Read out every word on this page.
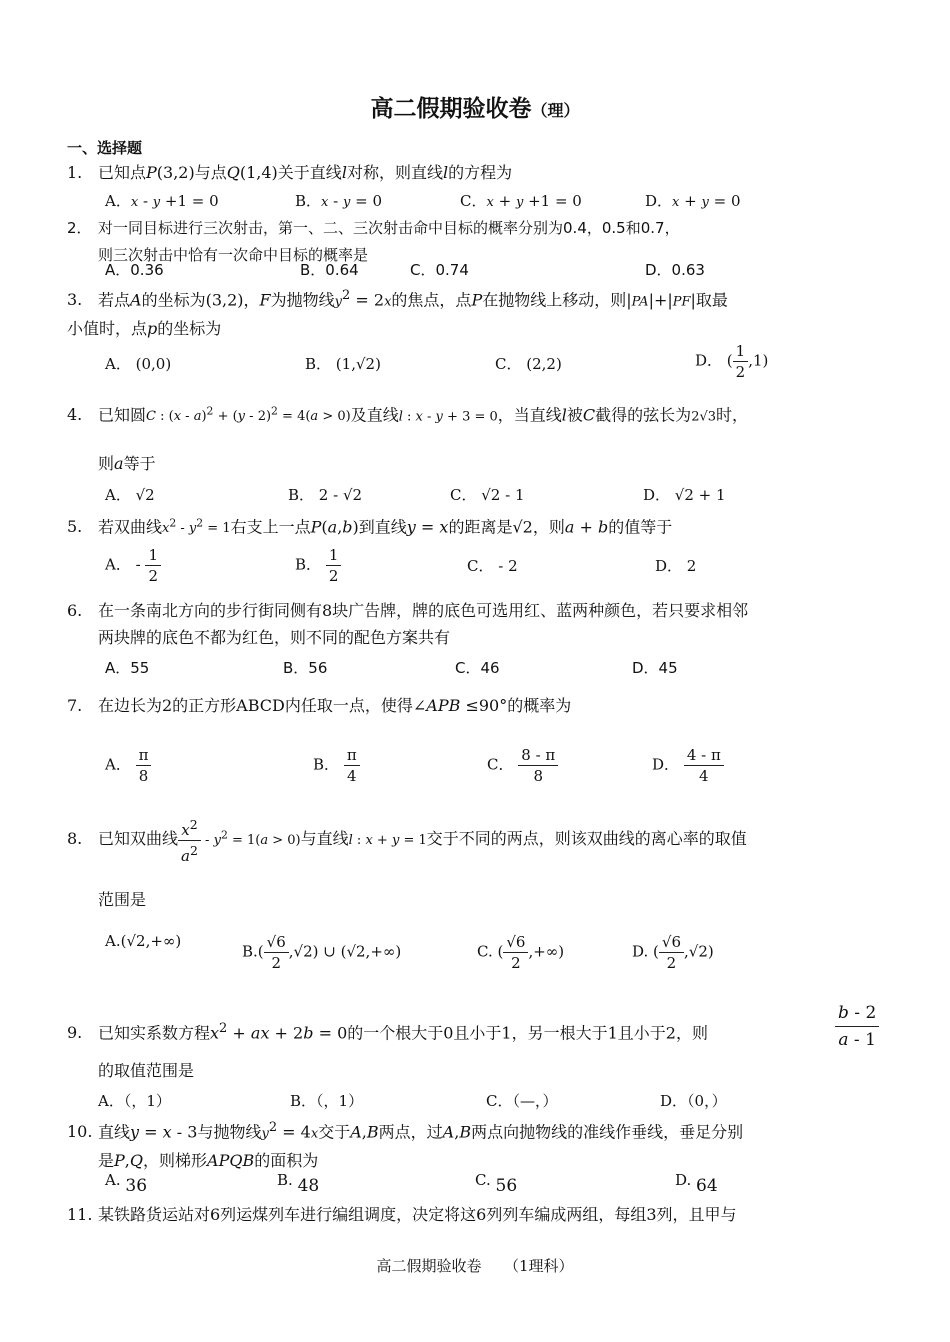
高二假期验收卷（理）
一、选择题
1. 已知点P(3,2)与点Q(1,4)关于直线l对称，则直线l的方程为
A．x - y +1 = 0	B．x - y = 0	C．x + y +1 = 0	D．x + y = 0
2． 对一同目标进行三次射击，第一、二、三次射击命中目标的概率分别为0.4，0.5和0.7，
则三次射击中恰有一次命中目标的概率是
A．0.36	B．0.64	C．0.74	D．0.63
3. 若点A的坐标为(3,2)，F为抛物线$y^2 = 2x$的焦点，点P在抛物线上移动，则|PA|+|PF|取最
小值时，点p的坐标为
A． (0,0)	B． (1,√2)	C． (2,2)	D． ( $\frac{1}{2} ,1$)
4. 已知圆C : (x - a)$^2$ + (y - 2)$^2$ = 4(a > 0)及直线l : x - y + 3 = 0，当直线l被C截得的弦长为2√3时，
则a等于
A． √2	B． 2 - √2	C． √2 - 1	D． √2 + 1
5. 若双曲线$x^2 - y^2 = 1$右支上一点P(a,b)到直线y = x的距离是√2，则a + b的值等于
A． - $\frac{1}{2}$	B． $\frac{1}{2}$	C． - 2	D． 2
6. 在一条南北方向的步行街同侧有8块广告牌，牌的底色可选用红、蓝两种颜色，若只要求相邻
两块牌的底色不都为红色，则不同的配色方案共有
A．55	B．56	C．46	D．45
7. 在边长为2的正方形ABCD内任取一点，使得∠APB ≤90°的概率为
A． $\frac{\pi}{8}$	B． $\frac{\pi}{4}$	C． $\frac{8 - \pi}{8}$	D． $\frac{4 - \pi}{4}$
8. 已知双曲线 $\frac{x^2}{a^2} - y^2 = 1(a > 0)$与直线l : x + y = 1交于不同的两点，则该双曲线的离心率的取值
范围是
A.(√2,+∞)
$B.( \frac{√6}{2} ,√2)$ ∪ (√2,+∞)	C. ( $\frac{√6}{2}$ ,+∞)	D. ( $\frac{√6}{2} ,√2$)
9. 已知实系数方程$x^2$ + ax + 2b = 0的一个根大于0且小于1，另一根大于1且小于2，则	$\frac{b - 2}{a - 1}$
的取值范围是
A．（，1）	B．（，1）	C．（—，）	D．（0，）
10. 直线y = x - 3与抛物线$y^2 = 4x$交于A,B两点，过A,B两点向抛物线的准线作垂线，垂足分别
是P,Q，则梯形APQB的面积为
A. 36	B. 48	C. 56	D. 64
11. 某铁路货运站对6列运煤列车进行编组调度，决定将这6列列车编成两组，每组3列，且甲与
高二假期验收卷　　（1理科）
